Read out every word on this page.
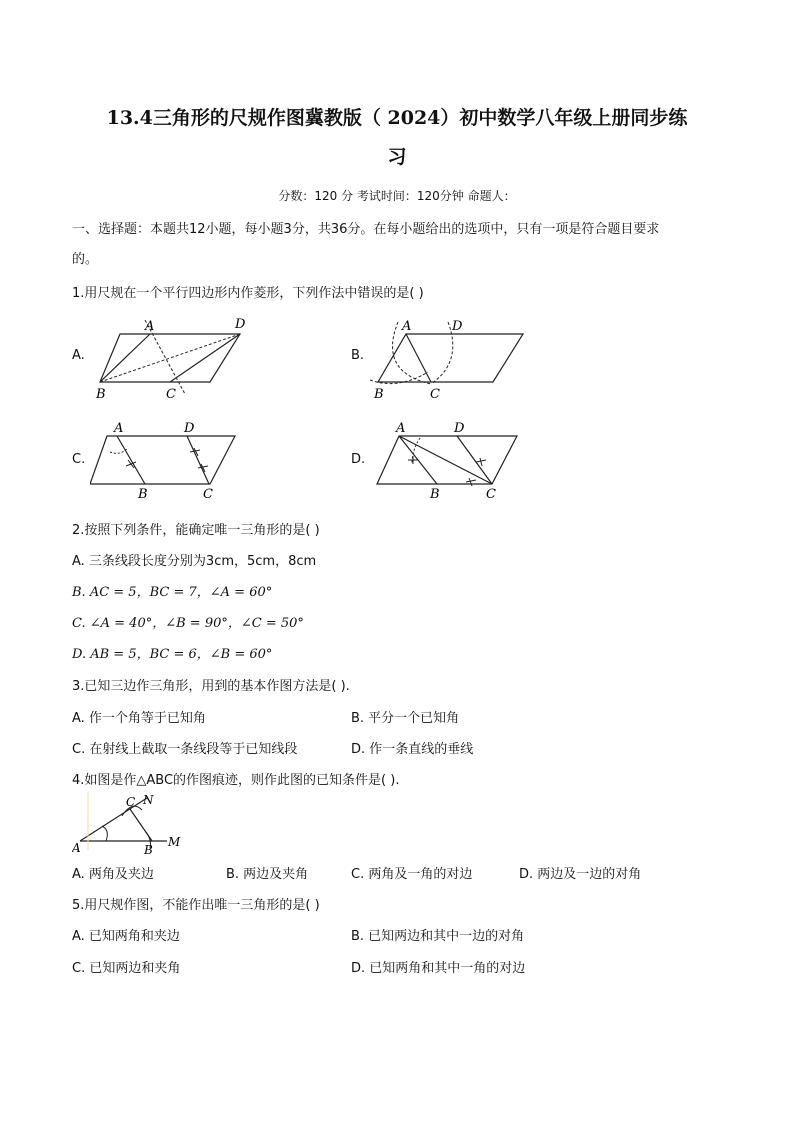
13.4三角形的尺规作图冀教版（ 2024）初中数学八年级上册同步练
习
分数：120 分 考试时间：120分钟 命题人：
一、选择题：本题共12小题，每小题3分，共36分。在每小题给出的选项中，只有一项是符合题目要求
的。
1.用尺规在一个平行四边形内作菱形，下列作法中错误的是( )
A.
A	D
B	C
B.
A	D
B	C
C.
A	D
B	C
D.
A	D
B	C
2.按照下列条件，能确定唯一三角形的是( )
A. 三条线段长度分别为3cm，5cm，8cm
B. AC = 5，BC = 7，∠A = 60°
C. ∠A = 40°，∠B = 90°，∠C = 50°
D. AB = 5，BC = 6，∠B = 60°
3.已知三边作三角形，用到的基本作图方法是( ).
A. 作一个角等于已知角	B. 平分一个已知角
C. 在射线上截取一条线段等于已知线段	D. 作一条直线的垂线
4.如图是作△ABC的作图痕迹，则作此图的已知条件是( ).
A	B
C N
M
A. 两角及夹边	B. 两边及夹角	C. 两角及一角的对边	D. 两边及一边的对角
5.用尺规作图，不能作出唯一三角形的是( )
A. 已知两角和夹边	B. 已知两边和其中一边的对角
C. 已知两边和夹角	D. 已知两角和其中一角的对边
